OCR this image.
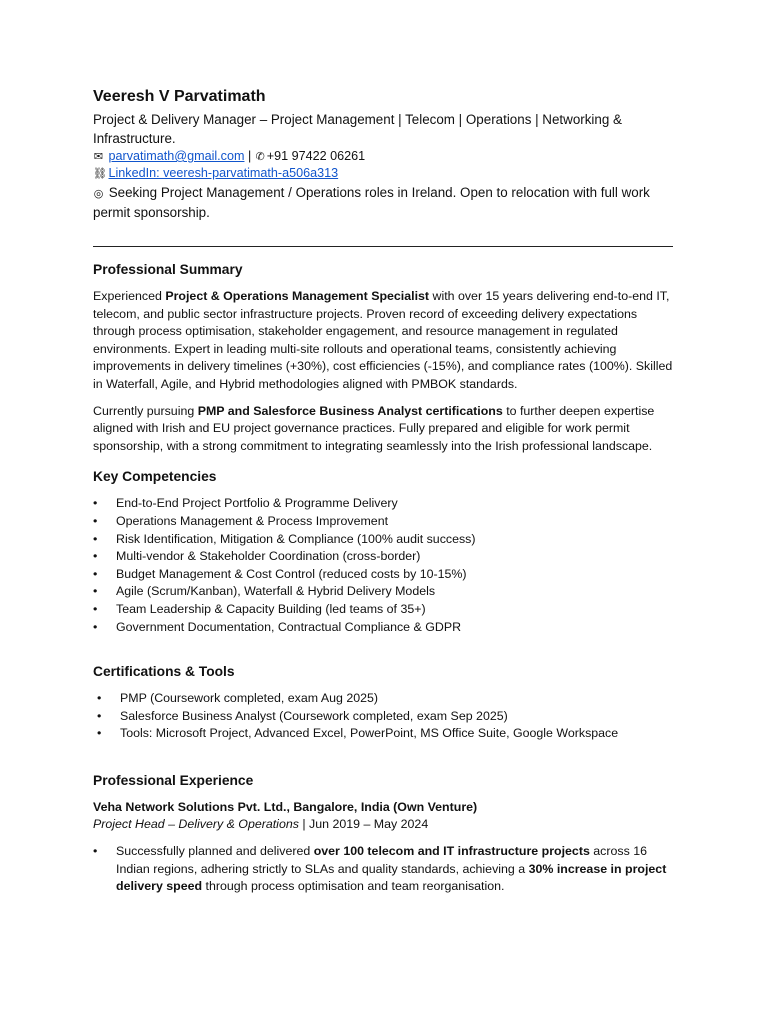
Veeresh V Parvatimath

Project & Delivery Manager – Project Management | Telecom | Operations | Networking & Infrastructure.

✉ parvatimath@gmail.com | ✆ +91 97422 06261

⛓ LinkedIn: veeresh-parvatimath-a506a313

◎ Seeking Project Management / Operations roles in Ireland. Open to relocation with full work permit sponsorship.

Professional Summary

Experienced Project & Operations Management Specialist with over 15 years delivering end-to-end IT, telecom, and public sector infrastructure projects. Proven record of exceeding delivery expectations through process optimisation, stakeholder engagement, and resource management in regulated environments. Expert in leading multi-site rollouts and operational teams, consistently achieving improvements in delivery timelines (+30%), cost efficiencies (-15%), and compliance rates (100%). Skilled in Waterfall, Agile, and Hybrid methodologies aligned with PMBOK standards.

Currently pursuing PMP and Salesforce Business Analyst certifications to further deepen expertise aligned with Irish and EU project governance practices. Fully prepared and eligible for work permit sponsorship, with a strong commitment to integrating seamlessly into the Irish professional landscape.

Key Competencies
• End-to-End Project Portfolio & Programme Delivery
• Operations Management & Process Improvement
• Risk Identification, Mitigation & Compliance (100% audit success)
• Multi-vendor & Stakeholder Coordination (cross-border)
• Budget Management & Cost Control (reduced costs by 10-15%)
• Agile (Scrum/Kanban), Waterfall & Hybrid Delivery Models
• Team Leadership & Capacity Building (led teams of 35+)
• Government Documentation, Contractual Compliance & GDPR
Certifications & Tools
• PMP (Coursework completed, exam Aug 2025)
• Salesforce Business Analyst (Coursework completed, exam Sep 2025)
• Tools: Microsoft Project, Advanced Excel, PowerPoint, MS Office Suite, Google Workspace
Professional Experience

Veha Network Solutions Pvt. Ltd., Bangalore, India (Own Venture)

Project Head – Delivery & Operations | Jun 2019 – May 2024

• Successfully planned and delivered over 100 telecom and IT infrastructure projects across 16 Indian regions, adhering strictly to SLAs and quality standards, achieving a 30% increase in project delivery speed through process optimisation and team reorganisation.
